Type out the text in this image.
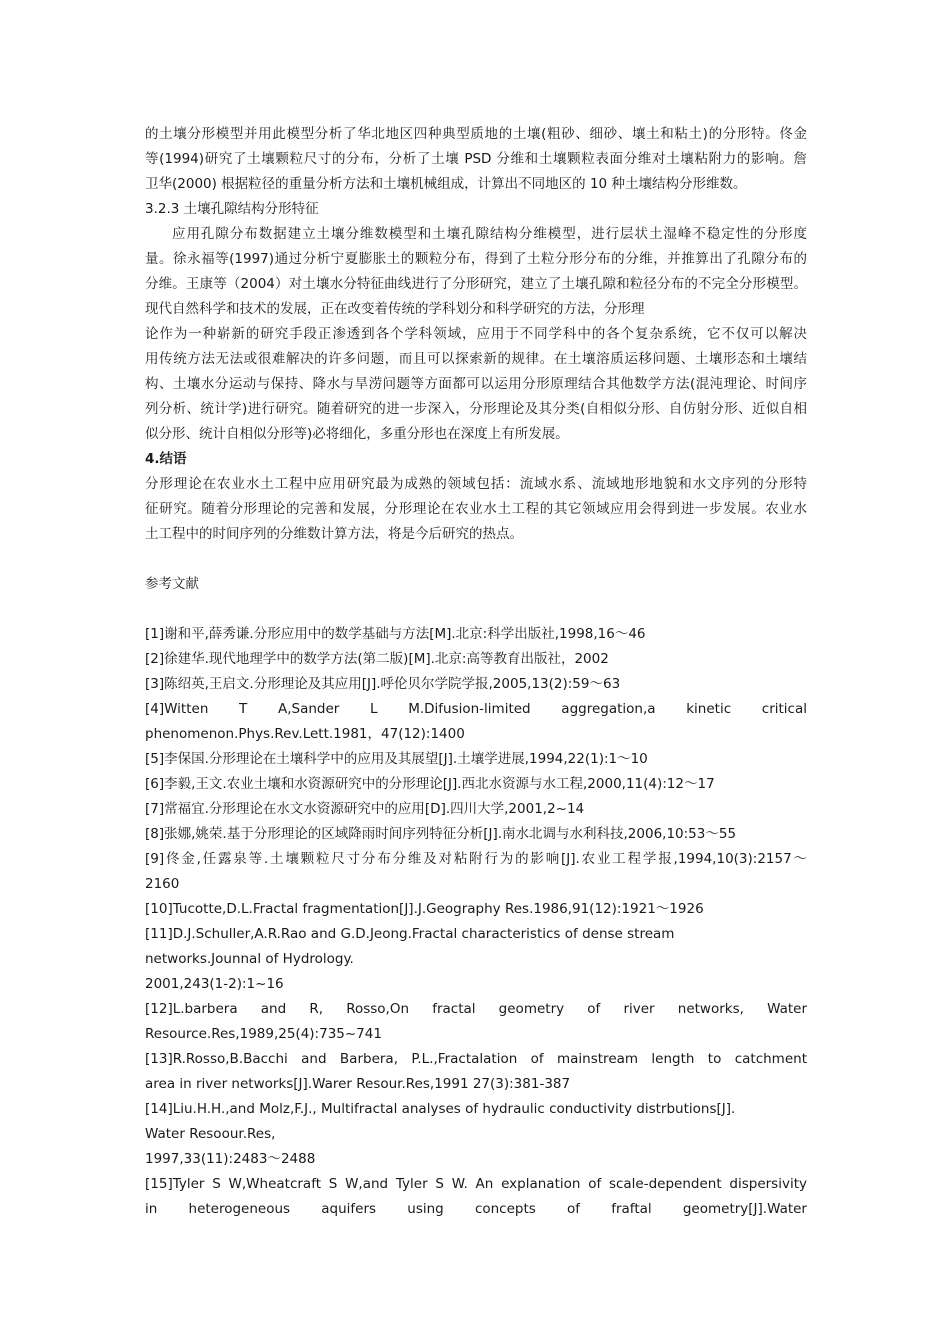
的土壤分形模型并用此模型分析了华北地区四种典型质地的土壤(粗砂、细砂、壤土和粘土)的分形特。佟金
等(1994)研究了土壤颗粒尺寸的分布，分析了土壤 PSD 分维和土壤颗粒表面分维对土壤粘附力的影响。詹
卫华(2000) 根据粒径的重量分析方法和土壤机械组成，计算出不同地区的 10 种土壤结构分形维数。
3.2.3 土壤孔隙结构分形特征
应用孔隙分布数据建立土壤分维数模型和土壤孔隙结构分维模型，进行层状土湿峰不稳定性的分形度
量。徐永福等(1997)通过分析宁夏膨胀土的颗粒分布，得到了土粒分形分布的分维，并推算出了孔隙分布的
分维。王康等（2004）对土壤水分特征曲线进行了分形研究，建立了土壤孔隙和粒径分布的不完全分形模型。
现代自然科学和技术的发展，正在改变着传统的学科划分和科学研究的方法，分形理
论作为一种崭新的研究手段正渗透到各个学科领域，应用于不同学科中的各个复杂系统，它不仅可以解决
用传统方法无法或很难解决的许多问题，而且可以探索新的规律。在土壤溶质运移问题、土壤形态和土壤结
构、土壤水分运动与保持、降水与旱涝问题等方面都可以运用分形原理结合其他数学方法(混沌理论、时间序
列分析、统计学)进行研究。随着研究的进一步深入，分形理论及其分类(自相似分形、自仿射分形、近似自相
似分形、统计自相似分形等)必将细化，多重分形也在深度上有所发展。
4.结语
分形理论在农业水土工程中应用研究最为成熟的领域包括：流域水系、流域地形地貌和水文序列的分形特
征研究。随着分形理论的完善和发展，分形理论在农业水土工程的其它领域应用会得到进一步发展。农业水
土工程中的时间序列的分维数计算方法，将是今后研究的热点。
参考文献
[1]谢和平,薛秀谦.分形应用中的数学基础与方法[M].北京:科学出版社,1998,16～46
[2]徐建华.现代地理学中的数学方法(第二版)[M].北京:高等教育出版社，2002
[3]陈绍英,王启文.分形理论及其应用[J].呼伦贝尔学院学报,2005,13(2):59～63
[4]Witten T A,Sander L M.Difusion-limited aggregation,a kinetic critical
phenomenon.Phys.Rev.Lett.1981，47(12):1400
[5]李保国.分形理论在土壤科学中的应用及其展望[J].土壤学进展,1994,22(1):1～10
[6]李毅,王文.农业土壤和水资源研究中的分形理论[J].西北水资源与水工程,2000,11(4):12～17
[7]常福宜.分形理论在水文水资源研究中的应用[D].四川大学,2001,2~14
[8]张娜,姚荣.基于分形理论的区域降雨时间序列特征分析[J].南水北调与水利科技,2006,10:53～55
[9]佟金,任露泉等.土壤颗粒尺寸分布分维及对粘附行为的影响[J].农业工程学报,1994,10(3):2157～
2160
[10]Tucotte,D.L.Fractal fragmentation[J].J.Geography Res.1986,91(12):1921～1926
[11]D.J.Schuller,A.R.Rao and G.D.Jeong.Fractal characteristics of dense stream
networks.Jounnal of Hydrology.
2001,243(1-2):1~16
[12]L.barbera and R, Rosso,On fractal geometry of river networks, Water
Resource.Res,1989,25(4):735~741
[13]R.Rosso,B.Bacchi and Barbera, P.L.,Fractalation of mainstream length to catchment
area in river networks[J].Warer Resour.Res,1991 27(3):381-387
[14]Liu.H.H.,and Molz,F.J., Multifractal analyses of hydraulic conductivity distrbutions[J].
Water Resoour.Res,
1997,33(11):2483～2488
[15]Tyler S W,Wheatcraft S W,and Tyler S W. An explanation of scale-dependent dispersivity
in heterogeneous aquifers using concepts of fraftal geometry[J].Water
